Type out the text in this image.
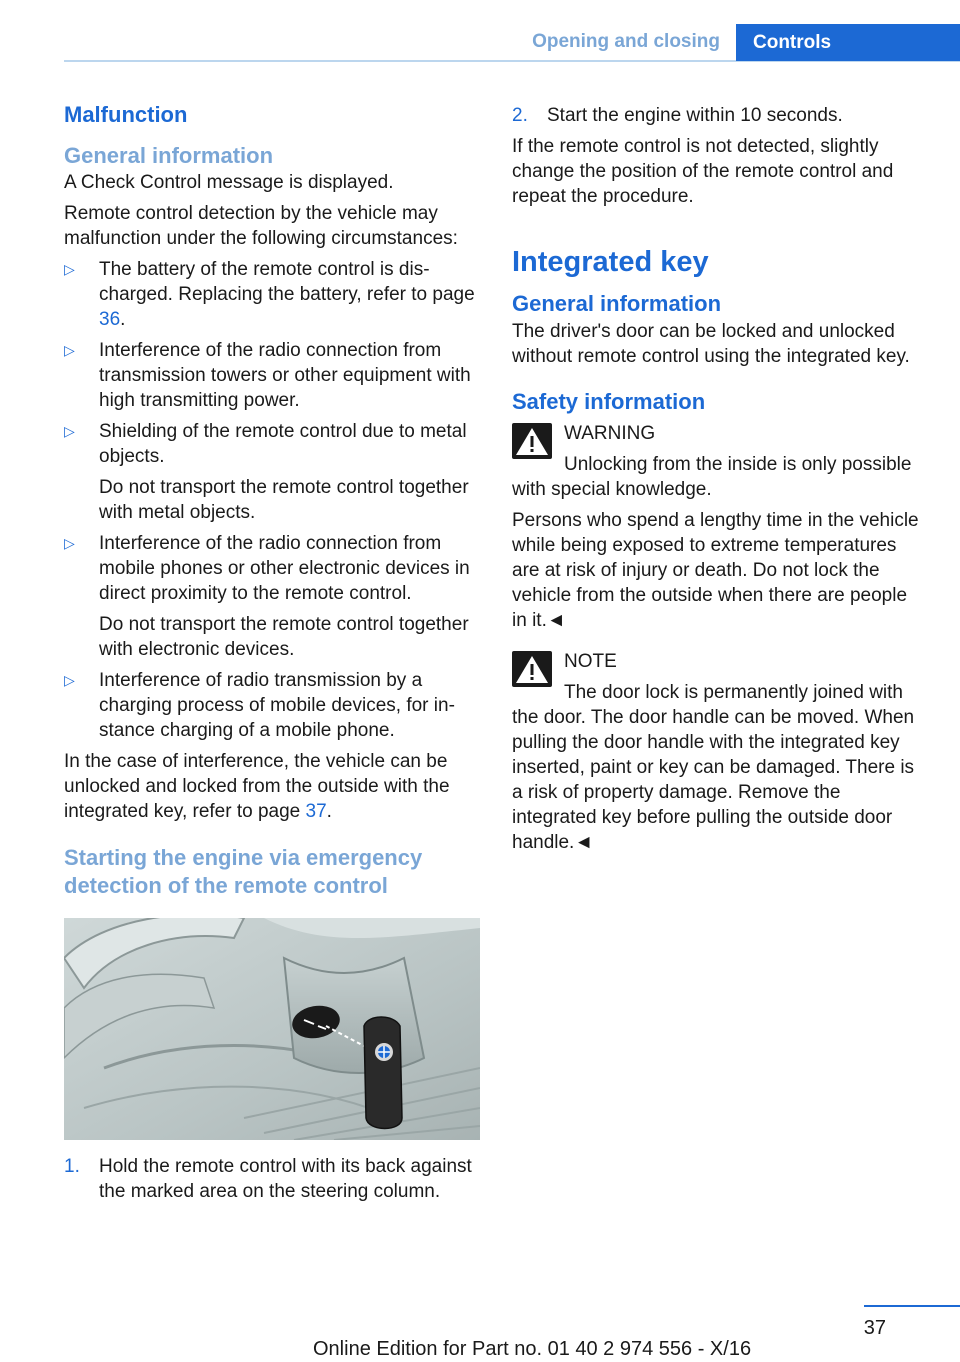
Opening and closing	Controls
Malfunction
General information

A Check Control message is displayed.

Remote control detection by the vehicle may malfunction under the following circumstances:

▷ The battery of the remote control is discharged. Replacing the battery, refer to page 36.
▷ Interference of the radio connection from transmission towers or other equipment with high transmitting power.
▷ Shielding of the remote control due to metal objects.

Do not transport the remote control together with metal objects.

▷ Interference of the radio connection from mobile phones or other electronic devices in direct proximity to the remote control.

Do not transport the remote control together with electronic devices.

▷ Interference of radio transmission by a charging process of mobile devices, for instance charging of a mobile phone.

In the case of interference, the vehicle can be unlocked and locked from the outside with the integrated key, refer to page 37.

Starting the engine via emergency detection of the remote control
1. Hold the remote control with its back against the marked area on the steering column.
2. Start the engine within 10 seconds.

If the remote control is not detected, slightly change the position of the remote control and repeat the procedure.

Integrated key
General information

The driver's door can be locked and unlocked without remote control using the integrated key.

Safety information

WARNING

Unlocking from the inside is only possible with special knowledge.

Persons who spend a lengthy time in the vehicle while being exposed to extreme temperatures are at risk of injury or death. Do not lock the vehicle from the outside when there are people in it.◄

NOTE

The door lock is permanently joined with the door. The door handle can be moved. When pulling the door handle with the integrated key inserted, paint or key can be damaged. There is a risk of property damage. Remove the integrated key before pulling the outside door handle.◄

37
Online Edition for Part no. 01 40 2 974 556 - X/16
